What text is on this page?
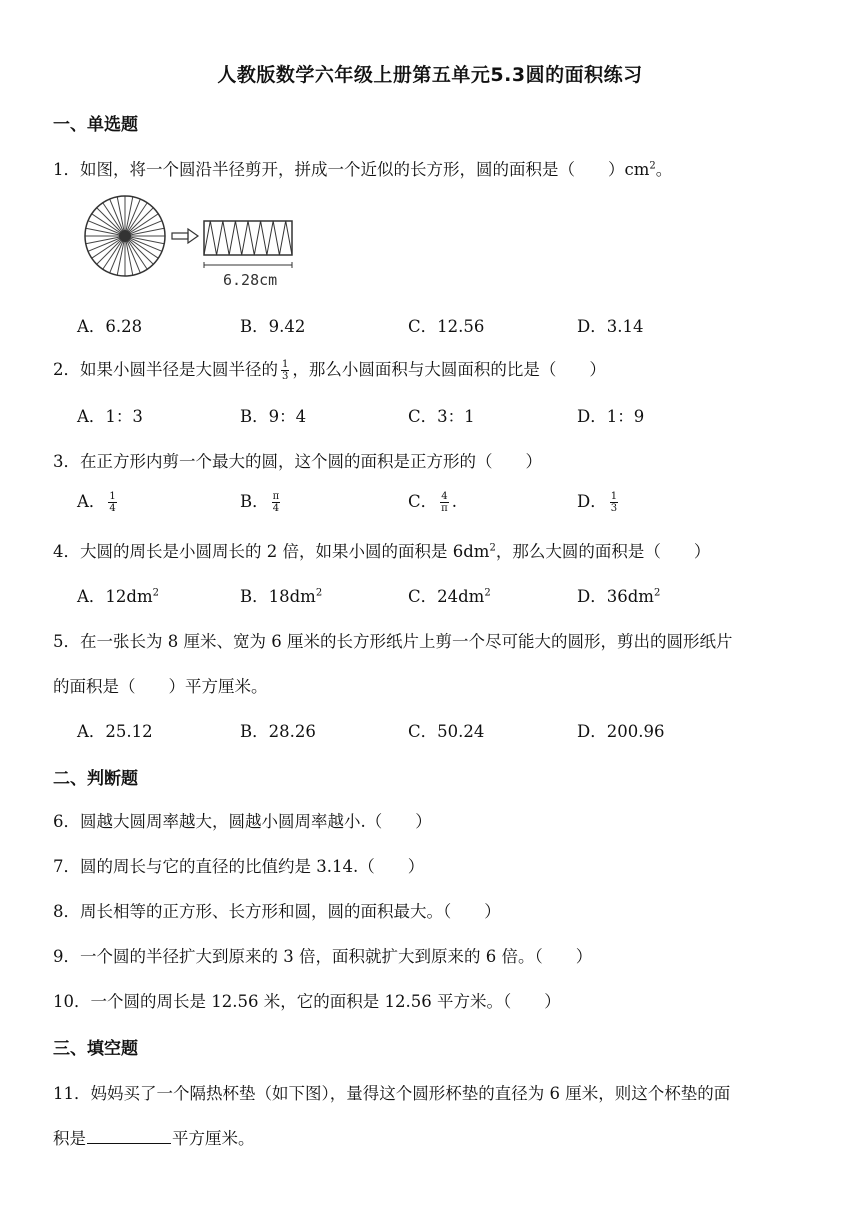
人教版数学六年级上册第五单元5.3圆的面积练习
一、单选题
1．如图，将一个圆沿半径剪开，拼成一个近似的长方形，圆的面积是（　　）$cm^2$。
6.28cm
A．6.28	B．9.42	C．12.56	D．3.14
2．如果小圆半径是大圆半径的 $\frac{1}{3}$ ，那么小圆面积与大圆面积的比是（　　）
A．1：3	B．9：4	C．3：1	D．1：9
3．在正方形内剪一个最大的圆，这个圆的面积是正方形的（　　）
A． $\frac{1}{4}$	B． $\frac{\pi}{4}$	C． $\frac{4}{\pi}$ .	D． $\frac{1}{3}$
4．大圆的周长是小圆周长的 2 倍，如果小圆的面积是 $6dm^2$，那么大圆的面积是（　　）
A．$12dm^2$	B．$18dm^2$	C．$24dm^2$	D．$36dm^2$
5．在一张长为 8 厘米、宽为 6 厘米的长方形纸片上剪一个尽可能大的圆形，剪出的圆形纸片
的面积是（　　）平方厘米。
A．25.12	B．28.26	C．50.24	D．200.96
二、判断题
6．圆越大圆周率越大，圆越小圆周率越小.（　　）
7．圆的周长与它的直径的比值约是 3.14.（　　）
8．周长相等的正方形、长方形和圆，圆的面积最大。（　　）
9．一个圆的半径扩大到原来的 3 倍，面积就扩大到原来的 6 倍。（　　）
10．一个圆的周长是 12.56 米，它的面积是 12.56 平方米。（　　）
三、填空题
11．妈妈买了一个隔热杯垫（如下图），量得这个圆形杯垫的直径为 6 厘米，则这个杯垫的面
积是	平方厘米。
